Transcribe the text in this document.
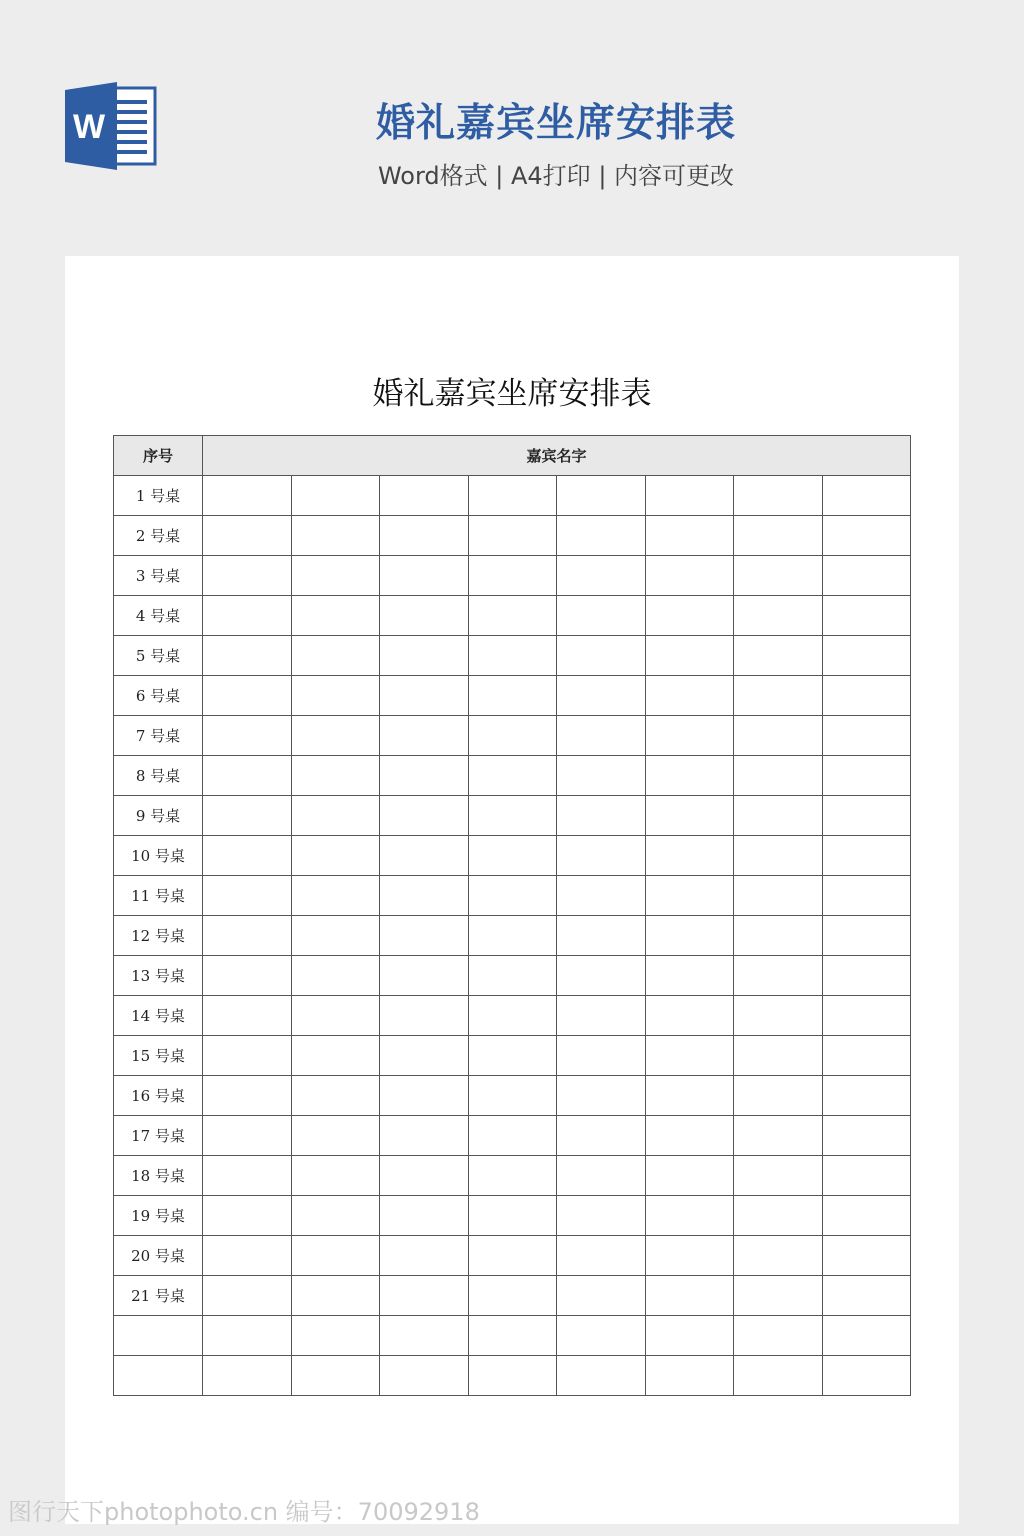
W	婚礼嘉宾坐席安排表
Word格式 | A4打印 | 内容可更改
婚礼嘉宾坐席安排表
序号	嘉宾名字							
1 号桌								
2 号桌								
3 号桌								
4 号桌								
5 号桌								
6 号桌								
7 号桌								
8 号桌								
9 号桌								
10 号桌								
11 号桌								
12 号桌								
13 号桌								
14 号桌								
15 号桌								
16 号桌								
17 号桌								
18 号桌								
19 号桌								
20 号桌								
21 号桌								

图行天下photophoto.cn 编号：70092918
